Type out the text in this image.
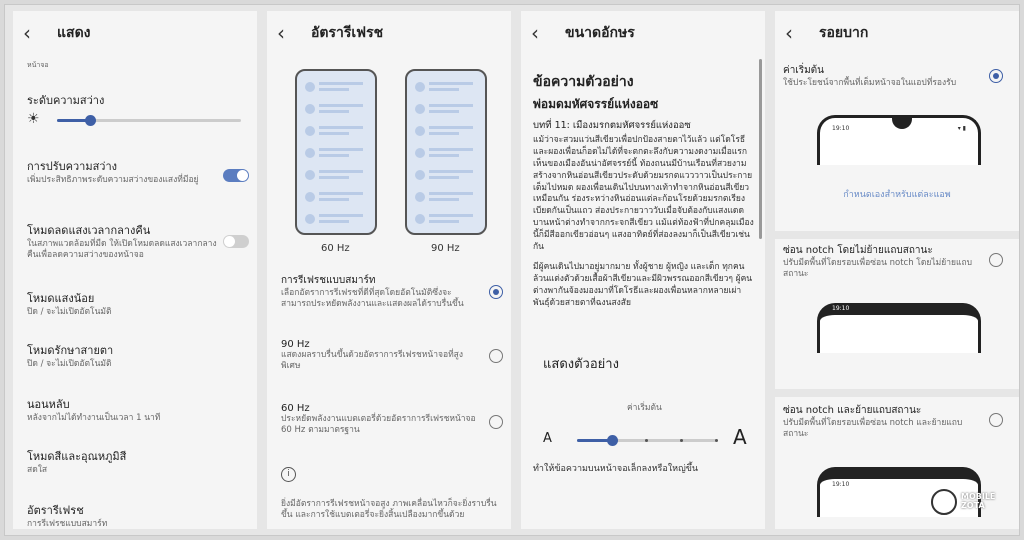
‹	แสดง
หน้าจอ
ระดับความสว่าง
☀
การปรับความสว่าง
เพิ่มประสิทธิภาพระดับความสว่างของแสงที่มีอยู่
โหมดลดแสงเวลากลางคืน
ในสภาพแวดล้อมที่มืด ให้เปิดโหมดลดแสงเวลากลางคืนเพื่อลดความสว่างของหน้าจอ
โหมดแสงน้อย
ปิด / จะไม่เปิดอัตโนมัติ
โหมดรักษาสายตา
ปิด / จะไม่เปิดอัตโนมัติ
นอนหลับ
หลังจากไม่ได้ทำงานเป็นเวลา 1 นาที
โหมดสีและอุณหภูมิสี
สดใส
อัตรารีเฟรช
การรีเฟรชแบบสมาร์ท
‹	อัตรารีเฟรช
60 Hz	90 Hz
การรีเฟรชแบบสมาร์ท
เลือกอัตราการรีเฟรชที่ดีที่สุดโดยอัตโนมัติซึ่งจะสามารถประหยัดพลังงานและแสดงผลได้ราบรื่นขึ้น
90 Hz
แสดงผลราบรื่นขึ้นด้วยอัตราการรีเฟรชหน้าจอที่สูงพิเศษ
60 Hz
ประหยัดพลังงานแบตเตอรี่ด้วยอัตราการรีเฟรชหน้าจอ 60 Hz ตามมาตรฐาน
i
ยิ่งมีอัตราการรีเฟรชหน้าจอสูง ภาพเคลื่อนไหวก็จะยิ่งราบรื่นขึ้น และการใช้แบตเตอรี่จะยิ่งสิ้นเปลืองมากขึ้นด้วย
‹	ขนาดอักษร
ข้อความตัวอย่าง
พ่อมดมหัศจรรย์แห่งออซ
บทที่ 11: เมืองมรกตมหัศจรรย์แห่งออซ
แม้ว่าจะสวมแว่นสีเขียวเพื่อปกป้องสายตาไว้แล้ว แต่โดโรธีและผองเพื่อนก็อดไม่ได้ที่จะตกตะลึงกับความงดงามเมื่อแรกเห็นของเมืองอันน่าอัศจรรย์นี้ ท้องถนนมีบ้านเรือนที่สวยงามสร้างจากหินอ่อนสีเขียวประดับด้วยมรกตแวววาวเป็นประกายเต็มไปหมด ผองเพื่อนเดินไปบนทางเท้าทำจากหินอ่อนสีเขียวเหมือนกัน ร่องระหว่างหินอ่อนแต่ละก้อนโรยด้วยมรกตเรียงเบียดกันเป็นแถว ส่องประกายวาววับเมื่อจับต้องกับแสงแดด บานหน้าต่างทำจากกระจกสีเขียว แม้แต่ท้องฟ้าที่ปกคลุมเมืองนี้ก็มีสีออกเขียวอ่อนๆ แสงอาทิตย์ที่ส่องลงมาก็เป็นสีเขียวเช่นกัน
มีผู้คนเดินไปมาอยู่มากมาย ทั้งผู้ชาย ผู้หญิง และเด็ก ทุกคนล้วนแต่งตัวด้วยเสื้อผ้าสีเขียวและมีผิวพรรณออกสีเขียวๆ ผู้คนต่างพากันจ้องมองมาที่โดโรธีและผองเพื่อนหลากหลายเผ่าพันธุ์ด้วยสายตาที่ฉงนสงสัย
แสดงตัวอย่าง
ค่าเริ่มต้น
A	A
ทำให้ข้อความบนหน้าจอเล็กลงหรือใหญ่ขึ้น
‹	รอยบาก
ค่าเริ่มต้น
ใช้ประโยชน์จากพื้นที่เต็มหน้าจอในแอปที่รองรับ
19:10	▾ ▮
กำหนดเองสำหรับแต่ละแอพ
ซ่อน notch โดยไม่ย้ายแถบสถานะ
ปรับมีดพื้นที่โดยรอบเพื่อซ่อน notch โดยไม่ย้ายแถบสถานะ
19:10
ซ่อน notch และย้ายแถบสถานะ
ปรับมีดพื้นที่โดยรอบเพื่อซ่อน notch และย้ายแถบสถานะ
19:10
MOBILE ZOTA
